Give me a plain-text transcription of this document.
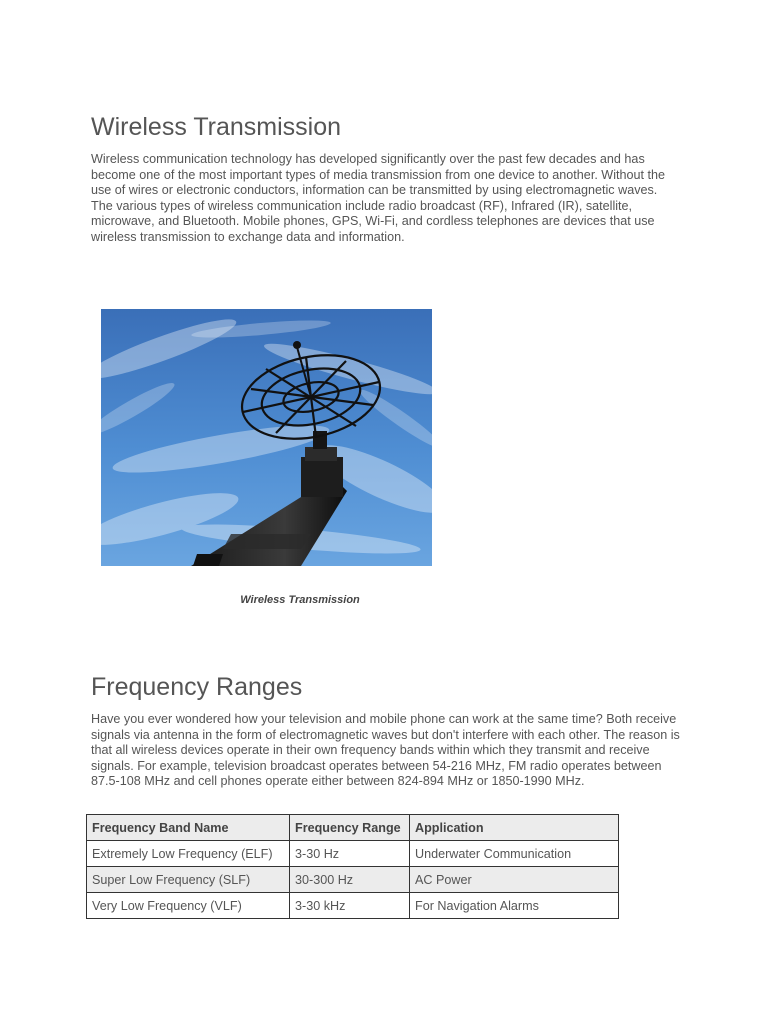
Wireless Transmission

Wireless communication technology has developed significantly over the past few decades and has become one of the most important types of media transmission from one device to another. Without the use of wires or electronic conductors, information can be transmitted by using electromagnetic waves. The various types of wireless communication include radio broadcast (RF), Infrared (IR), satellite, microwave, and Bluetooth. Mobile phones, GPS, Wi-Fi, and cordless telephones are devices that use wireless transmission to exchange data and information.

Wireless Transmission
Frequency Ranges

Have you ever wondered how your television and mobile phone can work at the same time? Both receive signals via antenna in the form of electromagnetic waves but don't interfere with each other. The reason is that all wireless devices operate in their own frequency bands within which they transmit and receive signals. For example, television broadcast operates between 54-216 MHz, FM radio operates between 87.5-108 MHz and cell phones operate either between 824-894 MHz or 1850-1990 MHz.

Frequency Band Name	Frequency Range	Application
Extremely Low Frequency (ELF)	3-30 Hz	Underwater Communication
Super Low Frequency (SLF)	30-300 Hz	AC Power
Very Low Frequency (VLF)	3-30 kHz	For Navigation Alarms
